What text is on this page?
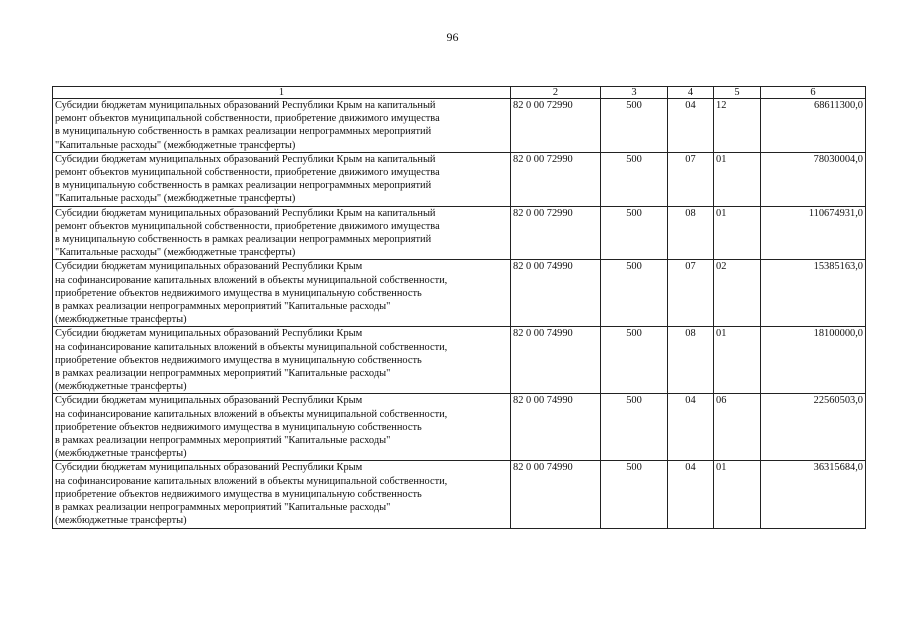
96
1	2	3	4	5	6

Субсидии бюджетам муниципальных образований Республики Крым на капитальный
ремонт объектов муниципальной собственности, приобретение движимого имущества
в муниципальную собственность в рамках реализации непрограммных мероприятий
"Капитальные расходы" (межбюджетные трансферты)	82 0 00 72990	500	04	12	68611300,0

Субсидии бюджетам муниципальных образований Республики Крым на капитальный
ремонт объектов муниципальной собственности, приобретение движимого имущества
в муниципальную собственность в рамках реализации непрограммных мероприятий
"Капитальные расходы" (межбюджетные трансферты)	82 0 00 72990	500	07	01	78030004,0

Субсидии бюджетам муниципальных образований Республики Крым на капитальный
ремонт объектов муниципальной собственности, приобретение движимого имущества
в муниципальную собственность в рамках реализации непрограммных мероприятий
"Капитальные расходы" (межбюджетные трансферты)	82 0 00 72990	500	08	01	110674931,0

Субсидии бюджетам муниципальных образований Республики Крым
на софинансирование капитальных вложений в объекты муниципальной собственности,
приобретение объектов недвижимого имущества в муниципальную собственность
в рамках реализации непрограммных мероприятий "Капитальные расходы"
(межбюджетные трансферты)	82 0 00 74990	500	07	02	15385163,0

Субсидии бюджетам муниципальных образований Республики Крым
на софинансирование капитальных вложений в объекты муниципальной собственности,
приобретение объектов недвижимого имущества в муниципальную собственность
в рамках реализации непрограммных мероприятий "Капитальные расходы"
(межбюджетные трансферты)	82 0 00 74990	500	08	01	18100000,0

Субсидии бюджетам муниципальных образований Республики Крым
на софинансирование капитальных вложений в объекты муниципальной собственности,
приобретение объектов недвижимого имущества в муниципальную собственность
в рамках реализации непрограммных мероприятий "Капитальные расходы"
(межбюджетные трансферты)	82 0 00 74990	500	04	06	22560503,0

Субсидии бюджетам муниципальных образований Республики Крым
на софинансирование капитальных вложений в объекты муниципальной собственности,
приобретение объектов недвижимого имущества в муниципальную собственность
в рамках реализации непрограммных мероприятий "Капитальные расходы"
(межбюджетные трансферты)	82 0 00 74990	500	04	01	36315684,0
